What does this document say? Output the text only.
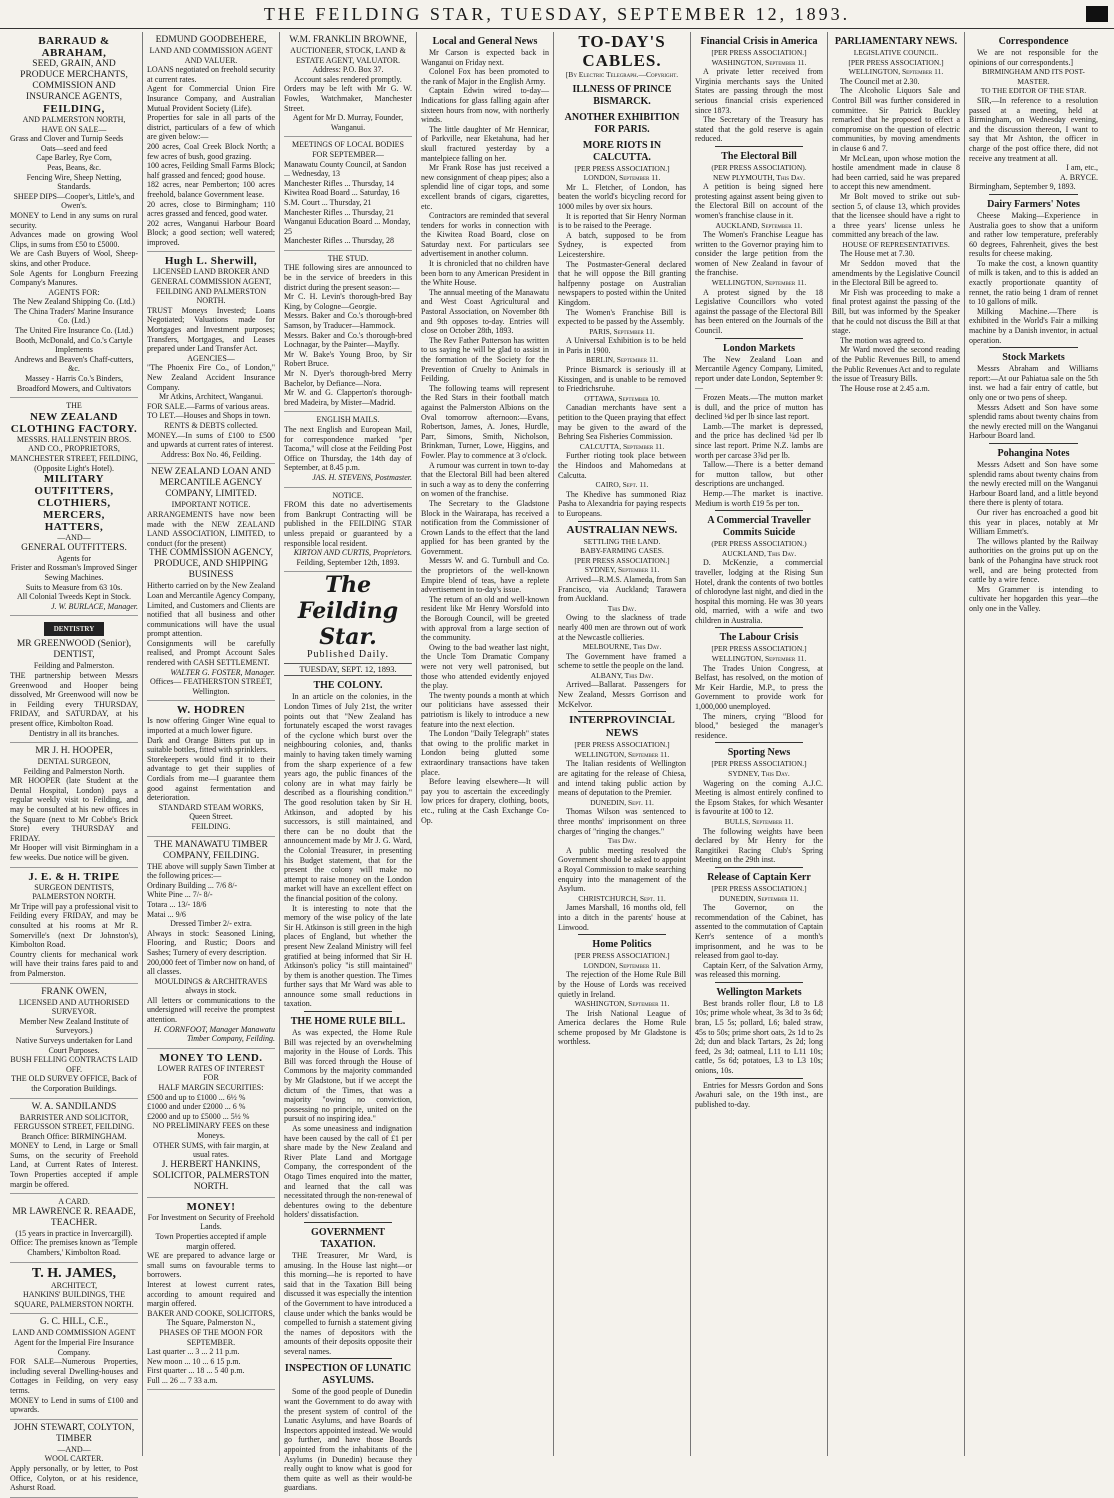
THE FEILDING STAR, TUESDAY, SEPTEMBER 12, 1893.
BARRAUD & ABRAHAM,
SEED, GRAIN, AND PRODUCE MERCHANTS,
COMMISSION AND INSURANCE AGENTS,
FEILDING,
AND PALMERSTON NORTH,
HAVE ON SALE—
Grass and Clover and Turnip Seeds
Oats—seed and feed
Cape Barley, Rye Corn,
Peas, Beans, &c.
Fencing Wire, Sheep Netting, Standards.
SHEEP DIPS—Cooper's, Little's, and Owen's.
MONEY to Lend in any sums on rural security.
Advances made on growing Wool Clips, in sums from £50 to £5000.
We are Cash Buyers of Wool, Sheep-skins, and other Produce.
Sole Agents for Longburn Freezing Company's Manures.
AGENTS FOR:
The New Zealand Shipping Co. (Ltd.)
The China Traders' Marine Insurance Co. (Ltd.)
The United Fire Insurance Co. (Ltd.)
Booth, McDonald, and Co.'s Cartyle Implements
Andrews and Beaven's Chaff-cutters, &c.
Massey - Harris Co.'s Binders, Broadford Mowers, and Cultivators
THE
NEW ZEALAND CLOTHING FACTORY.
MESSRS. HALLENSTEIN BROS. AND CO., PROPRIETORS,
MANCHESTER STREET, FEILDING,
(Opposite Light's Hotel).
MILITARY OUTFITTERS,
CLOTHIERS,
MERCERS,
HATTERS,
—AND—
GENERAL OUTFITTERS.
Agents for
Frister and Rossman's Improved Singer Sewing Machines.
Suits to Measure from 63 10s.
All Colonial Tweeds Kept in Stock.
J. W. BURLACE, Manager.
DENTISTRY
MR GREENWOOD (Senior), DENTIST,
Feilding and Palmerston.
THE partnership between Messrs Greenwood and Hooper being dissolved, Mr Greenwood will now be in Feilding every THURSDAY, FRIDAY, and SATURDAY, at his present office, Kimbolton Road.
Dentistry in all its branches.
MR J. H. HOOPER,
DENTAL SURGEON,
Feilding and Palmerston North.
MR HOOPER (late Student at the Dental Hospital, London) pays a regular weekly visit to Feilding, and may be consulted at his new offices in the Square (next to Mr Cobbe's Brick Store) every THURSDAY and FRIDAY.
Mr Hooper will visit Birmingham in a few weeks. Due notice will be given.
J. E. & H. TRIPE
SURGEON DENTISTS,
PALMERSTON NORTH.
Mr Tripe will pay a professional visit to Feilding every FRIDAY, and may be consulted at his rooms at Mr R. Somerville's (next Dr Johnston's), Kimbolton Road.
Country clients for mechanical work will have their trains fares paid to and from Palmerston.
FRANK OWEN,
LICENSED AND AUTHORISED SURVEYOR.
Member New Zealand Institute of Surveyors.)
Native Surveys undertaken for Land Court Purposes.
BUSH FELLING CONTRACTS LAID OFF.
THE OLD SURVEY OFFICE, Back of the Corporation Buildings.
W. A. SANDILANDS
BARRISTER AND SOLICITOR,
FERGUSSON STREET, FEILDING.
Branch Office: BIRMINGHAM.
MONEY to Lend, in Large or Small Sums, on the security of Freehold Land, at Current Rates of Interest. Town Properties accepted if ample margin be offered.
A CARD.
MR LAWRENCE R. REAADE, TEACHER.
(15 years in practice in Invercargill).
Office: The premises known as 'Temple Chambers,' Kimbolton Road.
T. H. JAMES,
ARCHITECT,
HANKINS' BUILDINGS, THE SQUARE, PALMERSTON NORTH.
G. C. HILL, C.E.,
LAND AND COMMISSION AGENT
Agent for the Imperial Fire Insurance Company.
FOR SALE—Numerous Properties, including several Dwelling-houses and Cottages in Feilding, on very easy terms.
MONEY to Lend in sums of £100 and upwards.
JOHN STEWART, COLYTON, TIMBER
—AND—
WOOL CARTER.
Apply personally, or by letter, to Post Office, Colyton, or at his residence, Ashurst Road.
EDMUND GOODBEHERE,
LAND AND COMMISSION AGENT AND VALUER.
LOANS negotiated on freehold security at current rates.
Agent for Commercial Union Fire Insurance Company, and Australian Mutual Provident Society (Life).
Properties for sale in all parts of the district, particulars of a few of which are given below:—
200 acres, Coal Creek Block North; a few acres of bush, good grazing.
100 acres, Feilding Small Farms Block; half grassed and fenced; good house.
182 acres, near Pemberton; 100 acres freehold, balance Government lease.
20 acres, close to Birmingham; 110 acres grassed and fenced, good water.
202 acres, Wanganui Harbour Board Block; a good section; well watered; improved.
Hugh L. Sherwill,
LICENSED LAND BROKER AND
GENERAL COMMISSION AGENT,
FEILDING AND PALMERSTON NORTH.
TRUST Moneys Invested; Loans Negotiated; Valuations made for Mortgages and Investment purposes; Transfers, Mortgages, and Leases prepared under Land Transfer Act.
AGENCIES—
"The Phoenix Fire Co., of London," New Zealand Accident Insurance Company.
Mr Atkins, Architect, Wanganui.
FOR SALE.—Farms of various areas.
TO LET.—Houses and Shops in town.
RENTS & DEBTS collected.
MONEY.—In sums of £100 to £500 and upwards at current rates of interest.
Address: Box No. 46, Feilding.
NEW ZEALAND LOAN AND MERCANTILE AGENCY COMPANY, LIMITED.
IMPORTANT NOTICE.
ARRANGEMENTS have now been made with the NEW ZEALAND LAND ASSOCIATION, LIMITED, to conduct (for the present)
THE COMMISSION AGENCY, PRODUCE, AND SHIPPING BUSINESS
Hitherto carried on by the New Zealand Loan and Mercantile Agency Company, Limited, and Customers and Clients are notified that all business and other communications will have the usual prompt attention.
Consignments will be carefully realised, and Prompt Account Sales rendered with CASH SETTLEMENT.
WALTER G. FOSTER, Manager.
Offices— FEATHERSTON STREET, Wellington.
W. HODREN
Is now offering Ginger Wine equal to imported at a much lower figure.
Dark and Orange Bitters put up in suitable bottles, fitted with sprinklers.
Storekeepers would find it to their advantage to get their supplies of Cordials from me—I guarantee them good against fermentation and deterioration.
STANDARD STEAM WORKS,
Queen Street.
FEILDING.
THE MANAWATU TIMBER COMPANY, FEILDING.
THE above will supply Sawn Timber at the following prices:—
Ordinary Building ... 7/6 8/-
White Pine ... 7/- 8/-
Totara ... 13/- 18/6
Matai ... 9/6
Dressed Timber 2/- extra.
Always in stock: Seasoned Lining, Flooring, and Rustic; Doors and Sashes; Turnery of every description.
200,000 feet of Timber now on hand, of all classes.
MOULDINGS & ARCHITRAVES always in stock.
All letters or communications to the undersigned will receive the promptest attention.
H. CORNFOOT, Manager Manawatu Timber Company, Feilding.
MONEY TO LEND.
LOWER RATES OF INTEREST
FOR
HALF MARGIN SECURITIES:
£500 and up to £1000 ... 6½ %
£1000 and under £2000 ... 6 %
£2000 and up to £5000 ... 5½ %
NO PRELIMINARY FEES on these Moneys.
OTHER SUMS, with fair margin, at usual rates.
J. HERBERT HANKINS, SOLICITOR, PALMERSTON NORTH.
MONEY!
For Investment on Security of Freehold Lands.
Town Properties accepted if ample margin offered.
WE are prepared to advance large or small sums on favourable terms to borrowers.
Interest at lowest current rates, according to amount required and margin offered.
BAKER AND COOKE, SOLICITORS, The Square, Palmerston N.,
PHASES OF THE MOON FOR SEPTEMBER.
Last quarter ... 3 ... 2 11 p.m.
New moon ... 10 ... 6 15 p.m.
First quarter ... 18 ... 5 40 p.m.
Full ... 26 ... 7 33 a.m.
W.M. FRANKLIN BROWNE,
AUCTIONEER, STOCK, LAND & ESTATE AGENT, VALUATOR.
Address: P.O. Box 37.
Account sales rendered promptly.
Orders may be left with Mr G. W. Fowles, Watchmaker, Manchester Street.
Agent for Mr D. Murray, Founder, Wanganui.
MEETINGS OF LOCAL BODIES FOR SEPTEMBER—
Manawatu County Council, at Sandon ... Wednesday, 13
Manchester Rifles ... Thursday, 14
Kiwitea Road Board ... Saturday, 16
S.M. Court ... Thursday, 21
Manchester Rifles ... Thursday, 21
Wanganui Education Board ... Monday, 25
Manchester Rifles ... Thursday, 28
THE STUD.
THE following sires are announced to be in the service of breeders in this district during the present season:—
Mr C. H. Levin's thorough-bred Bay King, by Cologne—Georgie.
Messrs. Baker and Co.'s thorough-bred Samson, by Traducer—Hammock.
Messrs. Baker and Co.'s thorough-bred Lochnagar, by the Painter—Mayfly.
Mr W. Bake's Young Broo, by Sir Robert Bruce.
Mr N. Dyer's thorough-bred Merry Bachelor, by Defiance—Nora.
Mr W. and G. Clapperton's thorough-bred Madeira, by Mister—Madrid.
ENGLISH MAILS.
The next English and European Mail, for correspondence marked "per Tacoma," will close at the Feilding Post Office on Thursday, the 14th day of September, at 8.45 p.m.
JAS. H. STEVENS, Postmaster.
NOTICE.
FROM this date no advertisements from Bankrupt Contracting will be published in the FEILDING STAR unless prepaid or guaranteed by a responsible local resident.
KIRTON AND CURTIS, Proprietors.
Feilding, September 12th, 1893.
The Feilding Star.
Published Daily.
TUESDAY, SEPT. 12, 1893.
THE COLONY.

In an article on the colonies, in the London Times of July 21st, the writer points out that "New Zealand has fortunately escaped the worst ravages of the cyclone which burst over the neighbouring colonies, and, thanks mainly to having taken timely warning from the sharp experience of a few years ago, the public finances of the colony are in what may fairly be described as a flourishing condition." The good resolution taken by Sir H. Atkinson, and adopted by his successors, is still maintained, and there can be no doubt that the announcement made by Mr J. G. Ward, the Colonial Treasurer, in presenting his Budget statement, that for the present the colony will make no attempt to raise money on the London market will have an excellent effect on the financial position of the colony.

It is interesting to note that the memory of the wise policy of the late Sir H. Atkinson is still green in the high places of England, but whether the present New Zealand Ministry will feel gratified at being informed that Sir H. Atkinson's policy "is still maintained" by them is another question. The Times further says that Mr Ward was able to announce some small reductions in taxation.

THE HOME RULE BILL.

As was expected, the Home Rule Bill was rejected by an overwhelming majority in the House of Lords. This Bill was forced through the House of Commons by the majority commanded by Mr Gladstone, but if we accept the dictum of the Times, that was a majority "owing no conviction, possessing no principle, united on the pursuit of no inspiring idea."

As some uneasiness and indignation have been caused by the call of £1 per share made by the New Zealand and River Plate Land and Mortgage Company, the correspondent of the Otago Times enquired into the matter, and learned that the call was necessitated through the non-renewal of debentures owing to the debenture holders' dissatisfaction.

GOVERNMENT TAXATION.

THE Treasurer, Mr Ward, is amusing. In the House last night—or this morning—he is reported to have said that in the Taxation Bill being discussed it was especially the intention of the Government to have introduced a clause under which the banks would be compelled to furnish a statement giving the names of depositors with the amounts of their deposits opposite their several names.

INSPECTION OF LUNATIC ASYLUMS.

Some of the good people of Dunedin want the Government to do away with the present system of control of the Lunatic Asylums, and have Boards of Inspectors appointed instead. We would go further, and have those Boards appointed from the inhabitants of the Asylums (in Dunedin) because they really ought to know what is good for them quite as well as their would-be guardians.

Local and General News

Mr Carson is expected back in Wanganui on Friday next.

Colonel Fox has been promoted to the rank of Major in the English Army.

Captain Edwin wired to-day—Indications for glass falling again after sixteen hours from now, with northerly winds.

The little daughter of Mr Hennicar, of Parkville, near Eketahuna, had her skull fractured yesterday by a mantelpiece falling on her.

Mr Frank Rose has just received a new consignment of cheap pipes; also a splendid line of cigar tops, and some excellent brands of cigars, cigarettes, etc.

Contractors are reminded that several tenders for works in connection with the Kiwitea Road Board, close on Saturday next. For particulars see advertisement in another column.

It is chronicled that no children have been born to any American President in the White House.

The annual meeting of the Manawatu and West Coast Agricultural and Pastoral Association, on November 8th and 9th opposes to-day. Entries will close on October 28th, 1893.

The Rev Father Patterson has written to us saying he will be glad to assist in the formation of the Society for the Prevention of Cruelty to Animals in Feilding.

The following teams will represent the Red Stars in their football match against the Palmerston Albions on the Oval tomorrow afternoon:—Evans, Robertson, James, A. Jones, Hurdle, Parr, Simons, Smith, Nicholson, Brinkman, Turner, Lowe, Higgins, and Fowler. Play to commence at 3 o'clock.

A rumour was current in town to-day that the Electoral Bill had been altered in such a way as to deny the conferring on women of the franchise.

The Secretary to the Gladstone Block in the Wairarapa, has received a notification from the Commissioner of Crown Lands to the effect that the land applied for has been granted by the Government.

Messrs W. and G. Turnbull and Co. the proprietors of the well-known Empire blend of teas, have a replete advertisement in to-day's issue.

The return of an old and well-known resident like Mr Henry Worsfold into the Borough Council, will be greeted with approval from a large section of the community.

Owing to the bad weather last night, the Uncle Tom Dramatic Company were not very well patronised, but those who attended evidently enjoyed the play.

The twenty pounds a month at which our politicians have assessed their patriotism is likely to introduce a new feature into the next election.

The London "Daily Telegraph" states that owing to the prolific market in London being glutted some extraordinary transactions have taken place.

Before leaving elsewhere—It will pay you to ascertain the exceedingly low prices for drapery, clothing, boots, etc., ruling at the Cash Exchange Co-Op.

TO-DAY'S CABLES.
[By Electric Telegraph.—Copyright.
ILLNESS OF PRINCE BISMARCK.
ANOTHER EXHIBITION FOR PARIS.
MORE RIOTS IN CALCUTTA.
[PER PRESS ASSOCIATION.]
LONDON, September 11.

Mr L. Fletcher, of London, has beaten the world's bicycling record for 1000 miles by over six hours.

It is reported that Sir Henry Norman is to be raised to the Peerage.

A batch, supposed to be from Sydney, is expected from Leicestershire.

The Postmaster-General declared that he will oppose the Bill granting halfpenny postage on Australian newspapers to posted within the United Kingdom.

The Women's Franchise Bill is expected to be passed by the Assembly.

PARIS, September 11.

A Universal Exhibition is to be held in Paris in 1900.

BERLIN, September 11.

Prince Bismarck is seriously ill at Kissingen, and is unable to be removed to Friedrichsruhe.

OTTAWA, September 10.

Canadian merchants have sent a petition to the Queen praying that effect may be given to the award of the Behring Sea Fisheries Commission.

CALCUTTA, September 11.

Further rioting took place between the Hindoos and Mahomedans at Calcutta.

CAIRO, Sept. 11.

The Khedive has summoned Riaz Pasha to Alexandria for paying respects to Europeans.

AUSTRALIAN NEWS.
SETTLING THE LAND.
BABY-FARMING CASES.
[PER PRESS ASSOCIATION.]
SYDNEY, September 11.

Arrived—R.M.S. Alameda, from San Francisco, via Auckland; Tarawera from Auckland.

This Day.

Owing to the slackness of trade nearly 400 men are thrown out of work at the Newcastle collieries.

MELBOURNE, This Day.

The Government have framed a scheme to settle the people on the land.

ALBANY, This Day.

Arrived—Ballarat. Passengers for New Zealand, Messrs Gorrison and McKelvor.

INTERPROVINCIAL NEWS
[PER PRESS ASSOCIATION.]
WELLINGTON, September 11.

The Italian residents of Wellington are agitating for the release of Chiesa, and intend taking public action by means of deputation to the Premier.

DUNEDIN, Sept. 11.

Thomas Wilson was sentenced to three months' imprisonment on three charges of "ringing the changes."

This Day.

A public meeting resolved the Government should be asked to appoint a Royal Commission to make searching enquiry into the management of the Asylum.

CHRISTCHURCH, Sept. 11.

James Marshall, 16 months old, fell into a ditch in the parents' house at Linwood.

Home Politics
[PER PRESS ASSOCIATION.]
LONDON, September 11.

The rejection of the Home Rule Bill by the House of Lords was received quietly in Ireland.

WASHINGTON, September 11.

The Irish National League of America declares the Home Rule scheme proposed by Mr Gladstone is worthless.

Financial Crisis in America
[PER PRESS ASSOCIATION.]
WASHINGTON, September 11.

A private letter received from Virginia merchants says the United States are passing through the most serious financial crisis experienced since 1873.

The Secretary of the Treasury has stated that the gold reserve is again reduced.

The Electoral Bill
(PER PRESS ASSOCIATION).
NEW PLYMOUTH, This Day.

A petition is being signed here protesting against assent being given to the Electoral Bill on account of the women's franchise clause in it.

AUCKLAND, September 11.

The Women's Franchise League has written to the Governor praying him to consider the large petition from the women of New Zealand in favour of the franchise.

WELLINGTON, September 11.

A protest signed by the 18 Legislative Councillors who voted against the passage of the Electoral Bill has been entered on the Journals of the Council.

London Markets

The New Zealand Loan and Mercantile Agency Company, Limited, report under date London, September 9:—

Frozen Meats.—The mutton market is dull, and the price of mutton has declined ⅛d per lb since last report.

Lamb.—The market is depressed, and the price has declined ¼d per lb since last report. Prime N.Z. lambs are worth per carcase 3⅞d per lb.

Tallow.—There is a better demand for mutton tallow, but other descriptions are unchanged.

Hemp.—The market is inactive. Medium is worth £19 5s per ton.

A Commercial Traveller Commits Suicide
(PER PRESS ASSOCIATION.)
AUCKLAND, This Day.

D. McKenzie, a commercial traveller, lodging at the Rising Sun Hotel, drank the contents of two bottles of chlorodyne last night, and died in the hospital this morning. He was 30 years old, married, with a wife and two children in Australia.

The Labour Crisis
[PER PRESS ASSOCIATION.]
WELLINGTON, September 11.

The Trades Union Congress, at Belfast, has resolved, on the motion of Mr Keir Hardie, M.P., to press the Government to provide work for 1,000,000 unemployed.

The miners, crying "Blood for blood," besieged the manager's residence.

Sporting News
[PER PRESS ASSOCIATION.]
SYDNEY, This Day.

Wagering on the coming A.J.C. Meeting is almost entirely confined to the Epsom Stakes, for which Wesanter is favourite at 100 to 12.

BULLS, September 11.

The following weights have been declared by Mr Henry for the Rangitikei Racing Club's Spring Meeting on the 29th inst.

Release of Captain Kerr
[PER PRESS ASSOCIATION.]
DUNEDIN, September 11.

The Governor, on the recommendation of the Cabinet, has assented to the commutation of Captain Kerr's sentence of a month's imprisonment, and he was to be released from gaol to-day.

Captain Kerr, of the Salvation Army, was released this morning.

Wellington Markets

Best brands roller flour, L8 to L8 10s; prime whole wheat, 3s 3d to 3s 6d; bran, L5 5s; pollard, L6; baled straw, 45s to 50s; prime short oats, 2s 1d to 2s 2d; dun and black Tartars, 2s 2d; long feed, 2s 3d; oatmeal, L11 to L11 10s; cattle, 5s 6d; potatoes, L3 to L3 10s; onions, 10s.

Entries for Messrs Gordon and Sons Awahuri sale, on the 19th inst., are published to-day.

PARLIAMENTARY NEWS.
LEGISLATIVE COUNCIL.
[PER PRESS ASSOCIATION.]
WELLINGTON, September 11.

The Council met at 2.30.

The Alcoholic Liquors Sale and Control Bill was further considered in committee. Sir Patrick Buckley remarked that he proposed to effect a compromise on the question of electric communities, by moving amendments in clause 6 and 7.

Mr McLean, upon whose motion the hostile amendment made in clause 8 had been carried, said he was prepared to accept this new amendment.

Mr Bolt moved to strike out sub-section 5, of clause 13, which provides that the licensee should have a right to a three years' license unless he committed any breach of the law.

HOUSE OF REPRESENTATIVES.

The House met at 7.30.

Mr Seddon moved that the amendments by the Legislative Council in the Electoral Bill be agreed to.

Mr Fish was proceeding to make a final protest against the passing of the Bill, but was informed by the Speaker that he could not discuss the Bill at that stage.

The motion was agreed to.

Mr Ward moved the second reading of the Public Revenues Bill, to amend the Public Revenues Act and to regulate the issue of Treasury Bills.

The House rose at 2.45 a.m.

Correspondence

We are not responsible for the opinions of our correspondents.]

BIRMINGHAM AND ITS POST-MASTER.
TO THE EDITOR OF THE STAR.

SIR,—In reference to a resolution passed at a meeting, held at Birmingham, on Wednesday evening, and the discussion thereon, I want to say that Mr Ashton, the officer in charge of the post office there, did not receive any treatment at all.

I am, etc.,
A. BRYCE.
Birmingham, September 9, 1893.
Dairy Farmers' Notes

Cheese Making—Experience in Australia goes to show that a uniform and rather low temperature, preferably 60 degrees, Fahrenheit, gives the best results for cheese making.

To make the cost, a known quantity of milk is taken, and to this is added an exactly proportionate quantity of rennet, the ratio being 1 dram of rennet to 10 gallons of milk.

Milking Machine.—There is exhibited in the World's Fair a milking machine by a Danish inventor, in actual operation.

Stock Markets

Messrs Abraham and Williams report:—At our Pahiatua sale on the 5th inst. we had a fair entry of cattle, but only one or two pens of sheep.

Messrs Adsett and Son have some splendid rams about twenty chains from the newly erected mill on the Wanganui Harbour Board land.

Pohangina Notes

Messrs Adsett and Son have some splendid rams about twenty chains from the newly erected mill on the Wanganui Harbour Board land, and a little beyond there there is plenty of totara.

Our river has encroached a good bit this year in places, notably at Mr William Emmett's.

The willows planted by the Railway authorities on the groins put up on the bank of the Pohangina have struck root well, and are being protected from cattle by a wire fence.

Mrs Grammer is intending to cultivate her hopgarden this year—the only one in the Valley.
